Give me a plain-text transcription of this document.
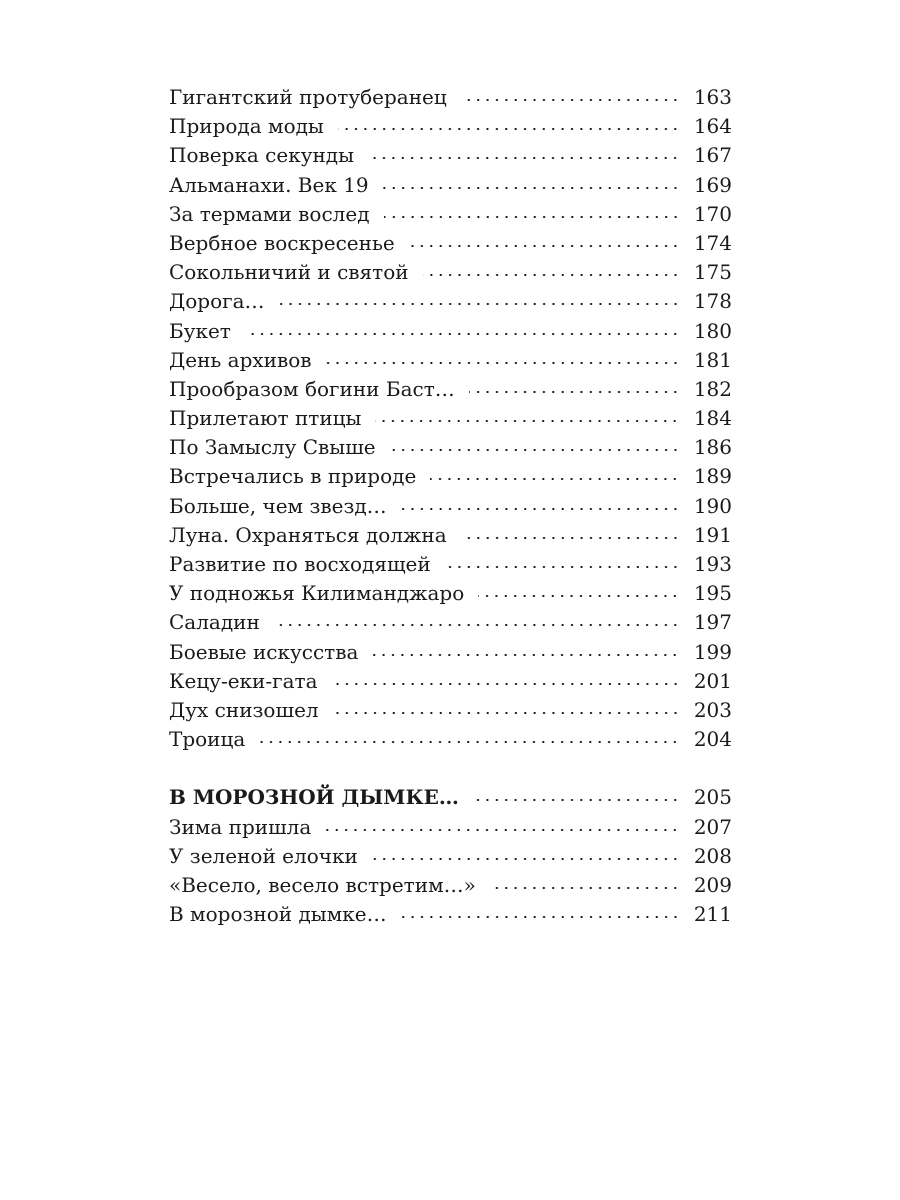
Гигантский протуберанец	163
Природа моды	164
Поверка секунды	167
Альманахи. Век 19	169
За термами вослед	170
Вербное воскресенье	174
Сокольничий и святой	175
Дорога…	178
Букет	180
День архивов	181
Прообразом богини Баст…	182
Прилетают птицы	184
По Замыслу Свыше	186
Встречались в природе	189
Больше, чем звезд…	190
Луна. Охраняться должна	191
Развитие по восходящей	193
У подножья Килиманджаро	195
Саладин	197
Боевые искусства	199
Кецу-еки-гата	201
Дух снизошел	203
Троица	204
В МОРОЗНОЙ ДЫМКЕ…	205
Зима пришла	207
У зеленой елочки	208
«Весело, весело встретим…»	209
В морозной дымке…	211
